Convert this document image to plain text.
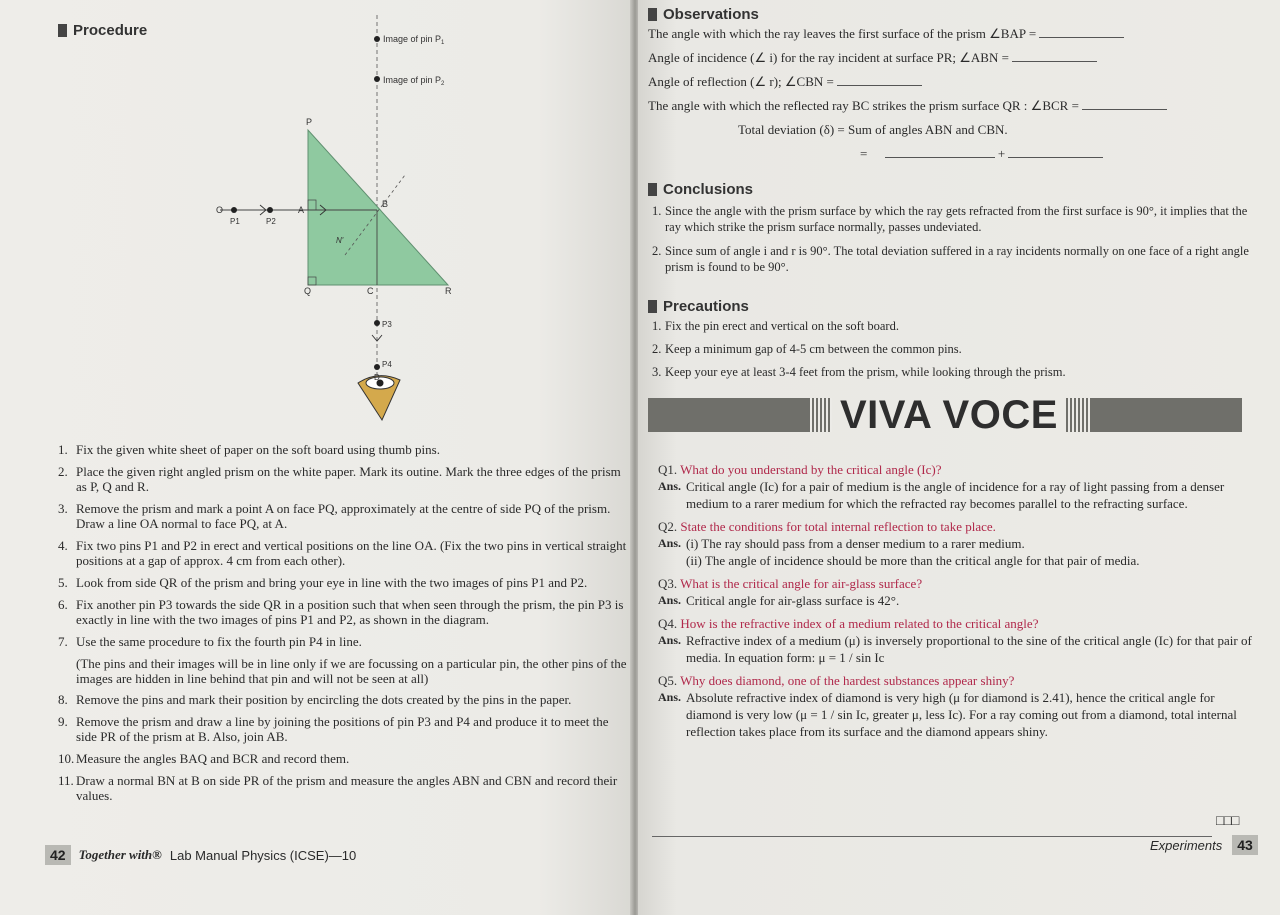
Procedure	Image of pin $P_1$
Image of pin $P_2$
P
Q	R
A
B
C
D
O
N'
P1	P2
P3
P4
1. Fix the given white sheet of paper on the soft board using thumb pins.
2. Place the given right angled prism on the white paper. Mark its outine. Mark the three edges of the prism as P, Q and R.
3. Remove the prism and mark a point A on face PQ, approximately at the centre of side PQ of the prism. Draw a line OA normal to face PQ, at A.
4. Fix two pins P1 and P2 in erect and vertical positions on the line OA. (Fix the two pins in vertical straight positions at a gap of approx. 4 cm from each other).
5. Look from side QR of the prism and bring your eye in line with the two images of pins P1 and P2.
6. Fix another pin P3 towards the side QR in a position such that when seen through the prism, the pin P3 is exactly in line with the two images of pins P1 and P2, as shown in the diagram.
7. Use the same procedure to fix the fourth pin P4 in line.
(The pins and their images will be in line only if we are focussing on a particular pin, the other pins of the images are hidden in line behind that pin and will not be seen at all)
8. Remove the pins and mark their position by encircling the dots created by the pins in the paper.
9. Remove the prism and draw a line by joining the positions of pin P3 and P4 and produce it to meet the side PR of the prism at B. Also, join AB.
10. Measure the angles BAQ and BCR and record them.
11. Draw a normal BN at B on side PR of the prism and measure the angles ABN and CBN and record their values.
42	Together with® Lab Manual Physics (ICSE)—10
Observations
The angle with which the ray leaves the first surface of the prism ∠BAP =
Angle of incidence (∠ i) for the ray incident at surface PR; ∠ABN =
Angle of reflection (∠ r); ∠CBN =
The angle with which the reflected ray BC strikes the prism surface QR : ∠BCR =
Total deviation (δ) = Sum of angles ABN and CBN.
=	+
Conclusions
1. Since the angle with the prism surface by which the ray gets refracted from the first surface is 90°, it implies that the ray which strike the prism surface normally, passes undeviated.
2. Since sum of angle i and r is 90°. The total deviation suffered in a ray incidents normally on one face of a right angle prism is found to be 90°.
Precautions
1. Fix the pin erect and vertical on the soft board.
2. Keep a minimum gap of 4-5 cm between the common pins.
3. Keep your eye at least 3-4 feet from the prism, while looking through the prism.
VIVA VOCE
Q1. What do you understand by the critical angle (Ic)?
Ans. Critical angle (Ic) for a pair of medium is the angle of incidence for a ray of light passing from a denser medium to a rarer medium for which the refracted ray becomes parallel to the refracting surface.
Q2. State the conditions for total internal reflection to take place.
Ans. (i) The ray should pass from a denser medium to a rarer medium.
(ii) The angle of incidence should be more than the critical angle for that pair of media.
Q3. What is the critical angle for air-glass surface?
Ans. Critical angle for air-glass surface is 42°.
Q4. How is the refractive index of a medium related to the critical angle?
Ans. Refractive index of a medium (μ) is inversely proportional to the sine of the critical angle (Ic) for that pair of media. In equation form: μ = 1 / sin Ic
Q5. Why does diamond, one of the hardest substances appear shiny?
Ans. Absolute refractive index of diamond is very high (μ for diamond is 2.41), hence the critical angle for diamond is very low (μ = 1 / sin Ic, greater μ, less Ic). For a ray coming out from a diamond, total internal reflection takes place from its surface and the diamond appears shiny.
□□□
Experiments	43
